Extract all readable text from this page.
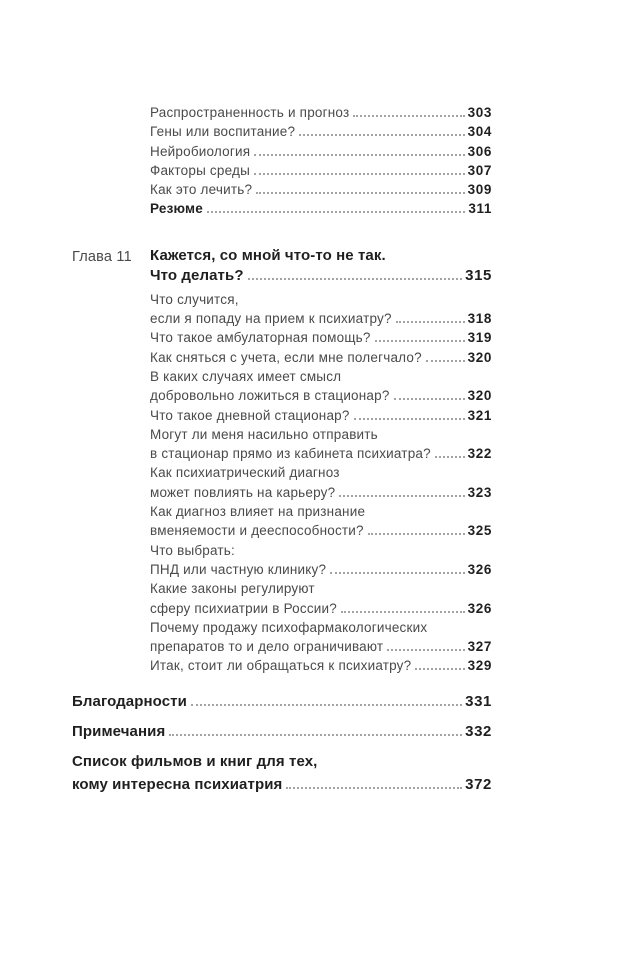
Распространенность и прогноз	303
Гены или воспитание?	304
Нейробиология	306
Факторы среды	307
Как это лечить?	309
Резюме	311
Глава 11	Кажется, со мной что-то не так.
Что делать?	315
Что случится,
если я попаду на прием к психиатру?	318
Что такое амбулаторная помощь?	319
Как сняться с учета, если мне полегчало?	320
В каких случаях имеет смысл
добровольно ложиться в стационар?	320
Что такое дневной стационар?	321
Могут ли меня насильно отправить
в стационар прямо из кабинета психиатра?	322
Как психиатрический диагноз
может повлиять на карьеру?	323
Как диагноз влияет на признание
вменяемости и дееспособности?	325
Что выбрать:
ПНД или частную клинику?	326
Какие законы регулируют
сферу психиатрии в России?	326
Почему продажу психофармакологических
препаратов то и дело ограничивают	327
Итак, стоит ли обращаться к психиатру?	329
Благодарности	331
Примечания	332
Список фильмов и книг для тех,
кому интересна психиатрия	372
